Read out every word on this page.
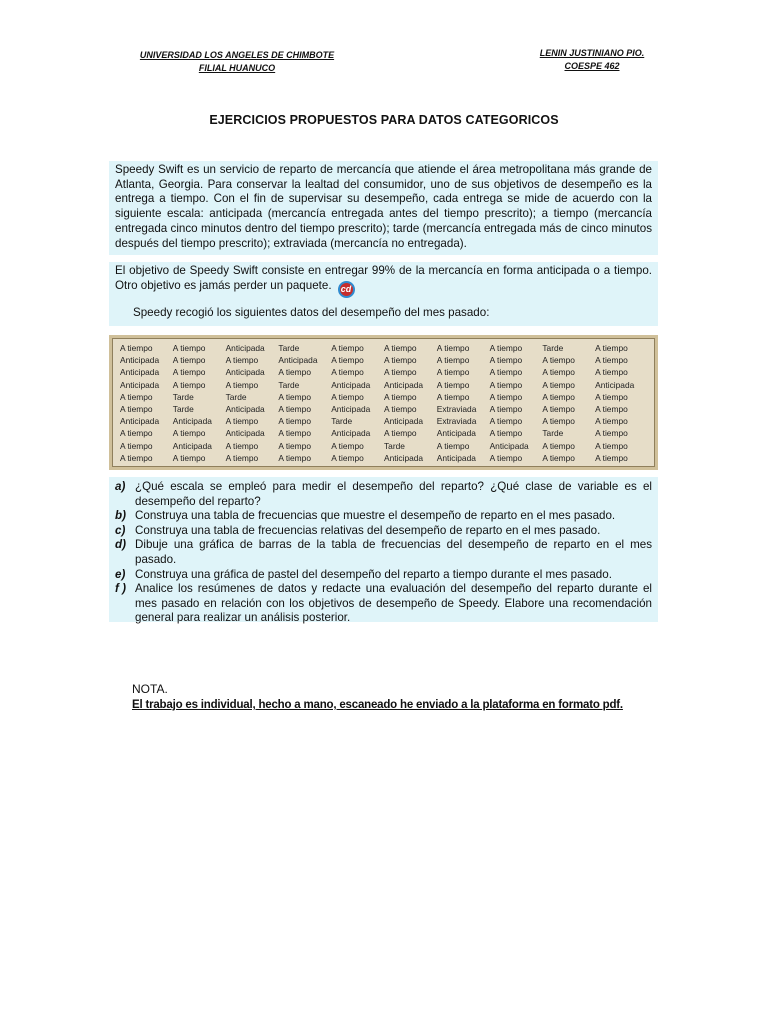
UNIVERSIDAD LOS ANGELES DE CHIMBOTE
FILIAL HUANUCO
LENIN JUSTINIANO PIO.
COESPE 462
EJERCICIOS PROPUESTOS PARA DATOS CATEGORICOS

Speedy Swift es un servicio de reparto de mercancía que atiende el área metropolitana más grande de Atlanta, Georgia. Para conservar la lealtad del consumidor, uno de sus objetivos de desempeño es la entrega a tiempo. Con el fin de supervisar su desempeño, cada entrega se mide de acuerdo con la siguiente escala: anticipada (mercancía entregada antes del tiempo prescrito); a tiempo (mercancía entregada cinco minutos dentro del tiempo prescrito); tarde (mercancía entregada más de cinco minutos después del tiempo prescrito); extraviada (mercancía no entregada).

El objetivo de Speedy Swift consiste en entregar 99% de la mercancía en forma anticipada o a tiempo. Otro objetivo es jamás perder un paquete. cd

Speedy recogió los siguientes datos del desempeño del mes pasado:

A tiempo	A tiempo	Anticipada	Tarde	A tiempo	A tiempo	A tiempo	A tiempo	Tarde	A tiempo
Anticipada	A tiempo	A tiempo	Anticipada	A tiempo	A tiempo	A tiempo	A tiempo	A tiempo	A tiempo
Anticipada	A tiempo	Anticipada	A tiempo	A tiempo	A tiempo	A tiempo	A tiempo	A tiempo	A tiempo
Anticipada	A tiempo	A tiempo	Tarde	Anticipada	Anticipada	A tiempo	A tiempo	A tiempo	Anticipada
A tiempo	Tarde	Tarde	A tiempo	A tiempo	A tiempo	A tiempo	A tiempo	A tiempo	A tiempo
A tiempo	Tarde	Anticipada	A tiempo	Anticipada	A tiempo	Extraviada	A tiempo	A tiempo	A tiempo
Anticipada	Anticipada	A tiempo	A tiempo	Tarde	Anticipada	Extraviada	A tiempo	A tiempo	A tiempo
A tiempo	A tiempo	Anticipada	A tiempo	Anticipada	A tiempo	Anticipada	A tiempo	Tarde	A tiempo
A tiempo	Anticipada	A tiempo	A tiempo	A tiempo	Tarde	A tiempo	Anticipada	A tiempo	A tiempo
A tiempo	A tiempo	A tiempo	A tiempo	A tiempo	Anticipada	Anticipada	A tiempo	A tiempo	A tiempo
a) ¿Qué escala se empleó para medir el desempeño del reparto? ¿Qué clase de variable es el desempeño del reparto?
b) Construya una tabla de frecuencias que muestre el desempeño de reparto en el mes pasado.
c) Construya una tabla de frecuencias relativas del desempeño de reparto en el mes pasado.
d) Dibuje una gráfica de barras de la tabla de frecuencias del desempeño de reparto en el mes pasado.
e) Construya una gráfica de pastel del desempeño del reparto a tiempo durante el mes pasado.
f ) Analice los resúmenes de datos y redacte una evaluación del desempeño del reparto durante el mes pasado en relación con los objetivos de desempeño de Speedy. Elabore una recomendación general para realizar un análisis posterior.
NOTA.
El trabajo es individual, hecho a mano, escaneado he enviado a la plataforma en formato pdf.
